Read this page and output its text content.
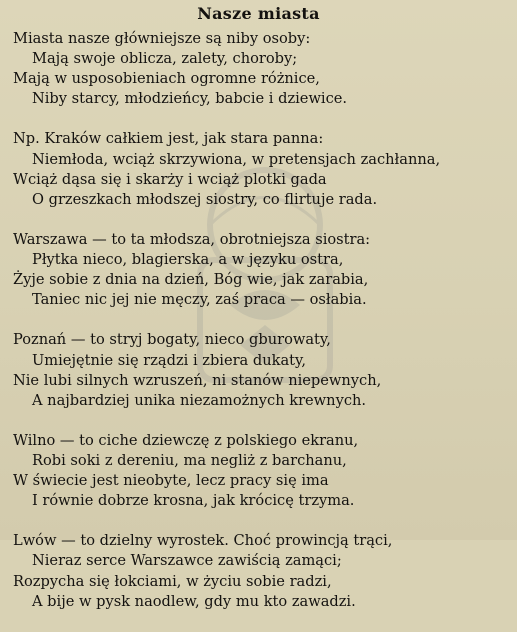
Nasze miasta
Miasta nasze główniejsze są niby osoby:
Mają swoje oblicza, zalety, choroby;
Mają w usposobieniach ogromne różnice,
Niby starcy, młodzieńcy, babcie i dziewice.
Np. Kraków całkiem jest, jak stara panna:
Niemłoda, wciąż skrzywiona, w pretensjach zachłanna,
Wciąż dąsa się i skarży i wciąż plotki gada
O grzeszkach młodszej siostry, co flirtuje rada.
Warszawa — to ta młodsza, obrotniejsza siostra:
Płytka nieco, blagierska, a w języku ostra,
Żyje sobie z dnia na dzień, Bóg wie, jak zarabia,
Taniec nic jej nie męczy, zaś praca — osłabia.
Poznań — to stryj bogaty, nieco gburowaty,
Umiejętnie się rządzi i zbiera dukaty,
Nie lubi silnych wzruszeń, ni stanów niepewnych,
A najbardziej unika niezamożnych krewnych.
Wilno — to ciche dziewczę z polskiego ekranu,
Robi soki z dereniu, ma negliż z barchanu,
W świecie jest nieobyte, lecz pracy się ima
I równie dobrze krosna, jak krócicę trzyma.
Lwów — to dzielny wyrostek. Choć prowincją trąci,
Nieraz serce Warszawce zawiścią zamąci;
Rozpycha się łokciami, w życiu sobie radzi,
A bije w pysk naodlew, gdy mu kto zawadzi.
